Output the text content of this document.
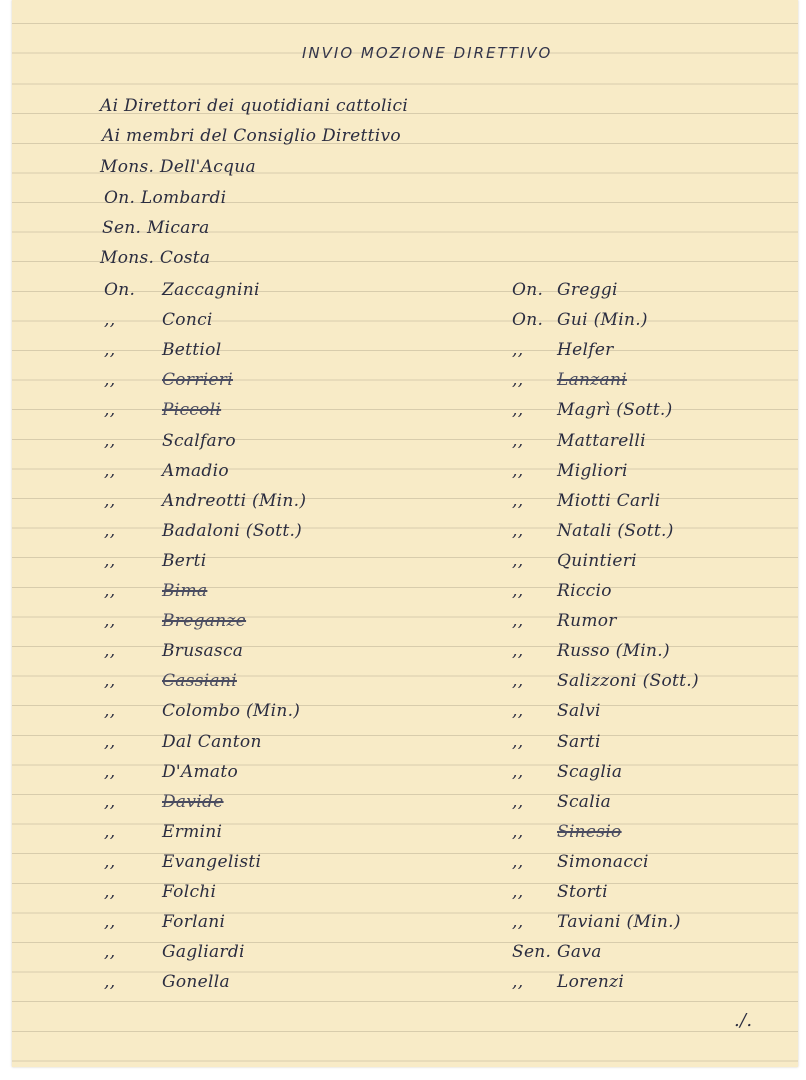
INVIO MOZIONE DIRETTIVO
Ai Direttori dei quotidiani cattolici
Ai membri del Consiglio Direttivo
Mons. Dell'Acqua
On. Lombardi
Sen. Micara
Mons. Costa
On. Zaccagnini
,,	Conci
,,	Bettiol
,,	Corrieri
,,	Piccoli
,,	Scalfaro
,,	Amadio
,,	Andreotti (Min.)
,,	Badaloni (Sott.)
,,	Berti
,,	Bima
,,	Breganze
,,	Brusasca
,,	Cassiani
,,	Colombo (Min.)
,,	Dal Canton
,,	D'Amato
,,	Davide
,,	Ermini
,,	Evangelisti
,,	Folchi
,,	Forlani
,,	Gagliardi
,,	Gonella
On. Greggi
On. Gui (Min.)
,, Helfer
,, Lanzani
,, Magrì (Sott.)
,, Mattarelli
,, Migliori
,, Miotti Carli
,, Natali (Sott.)
,, Quintieri
,, Riccio
,, Rumor
,, Russo (Min.)
,, Salizzoni (Sott.)
,, Salvi
,, Sarti
,, Scaglia
,, Scalia
,, Sinesio
,, Simonacci
,, Storti
,, Taviani (Min.)
Sen. Gava
,, Lorenzi
./.
